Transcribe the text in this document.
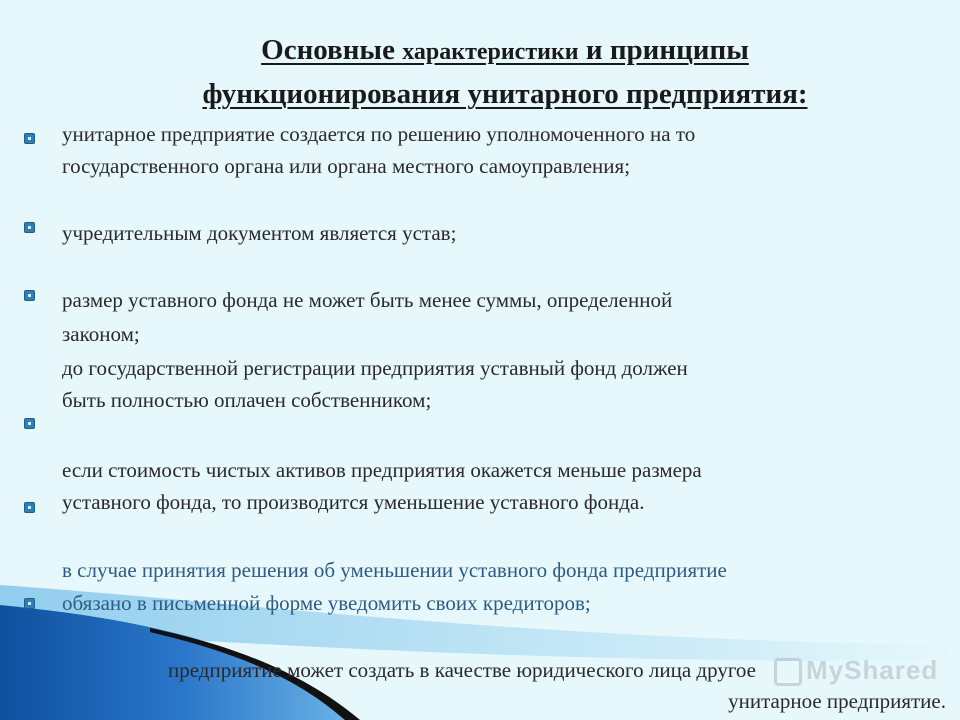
Основные характеристики и принципы
функционирования унитарного предприятия:
унитарное предприятие создается по решению уполномоченного на то
государственного органа или органа местного самоуправления;
учредительным документом является устав;
размер уставного фонда не может быть менее суммы, определенной
законом;
до государственной регистрации предприятия уставный фонд должен
быть полностью оплачен собственником;
если стоимость чистых активов предприятия окажется меньше размера
уставного фонда, то производится уменьшение уставного фонда.
в случае принятия решения об уменьшении уставного фонда предприятие
обязано в письменной форме уведомить своих кредиторов;
предприятие может создать в качестве юридического лица другое
унитарное предприятие.
MyShared
